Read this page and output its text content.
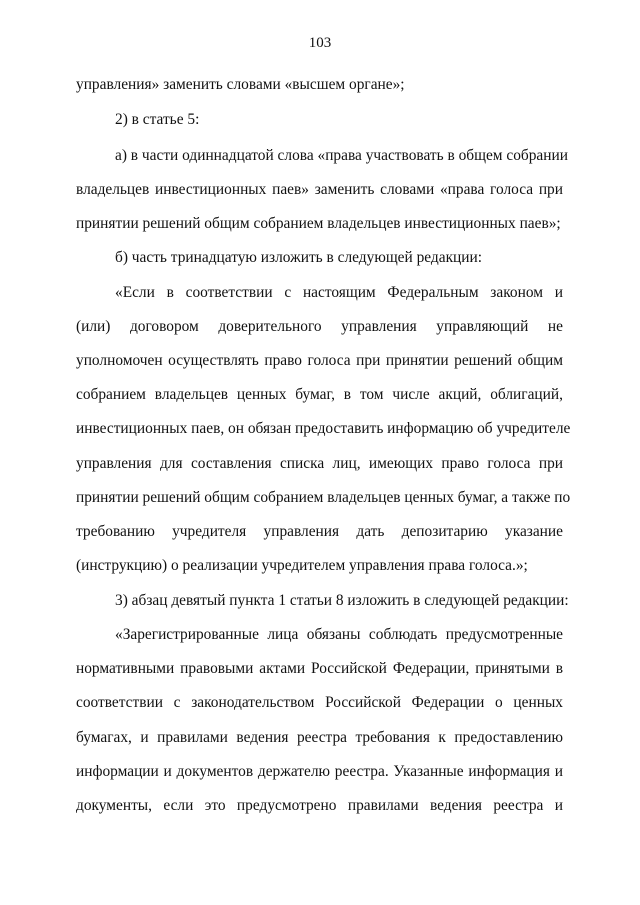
103
управления» заменить словами «высшем органе»;
2) в статье 5:
а) в части одиннадцатой слова «права участвовать в общем собрании
владельцев инвестиционных паев» заменить словами «права голоса при
принятии решений общим собранием владельцев инвестиционных паев»;
б) часть тринадцатую изложить в следующей редакции:
«Если в соответствии с настоящим Федеральным законом и
(или) договором доверительного управления управляющий не
уполномочен осуществлять право голоса при принятии решений общим
собранием владельцев ценных бумаг, в том числе акций, облигаций,
инвестиционных паев, он обязан предоставить информацию об учредителе
управления для составления списка лиц, имеющих право голоса при
принятии решений общим собранием владельцев ценных бумаг, а также по
требованию учредителя управления дать депозитарию указание
(инструкцию) о реализации учредителем управления права голоса.»;
3) абзац девятый пункта 1 статьи 8 изложить в следующей редакции:
«Зарегистрированные лица обязаны соблюдать предусмотренные
нормативными правовыми актами Российской Федерации, принятыми в
соответствии с законодательством Российской Федерации о ценных
бумагах, и правилами ведения реестра требования к предоставлению
информации и документов держателю реестра. Указанные информация и
документы, если это предусмотрено правилами ведения реестра и
